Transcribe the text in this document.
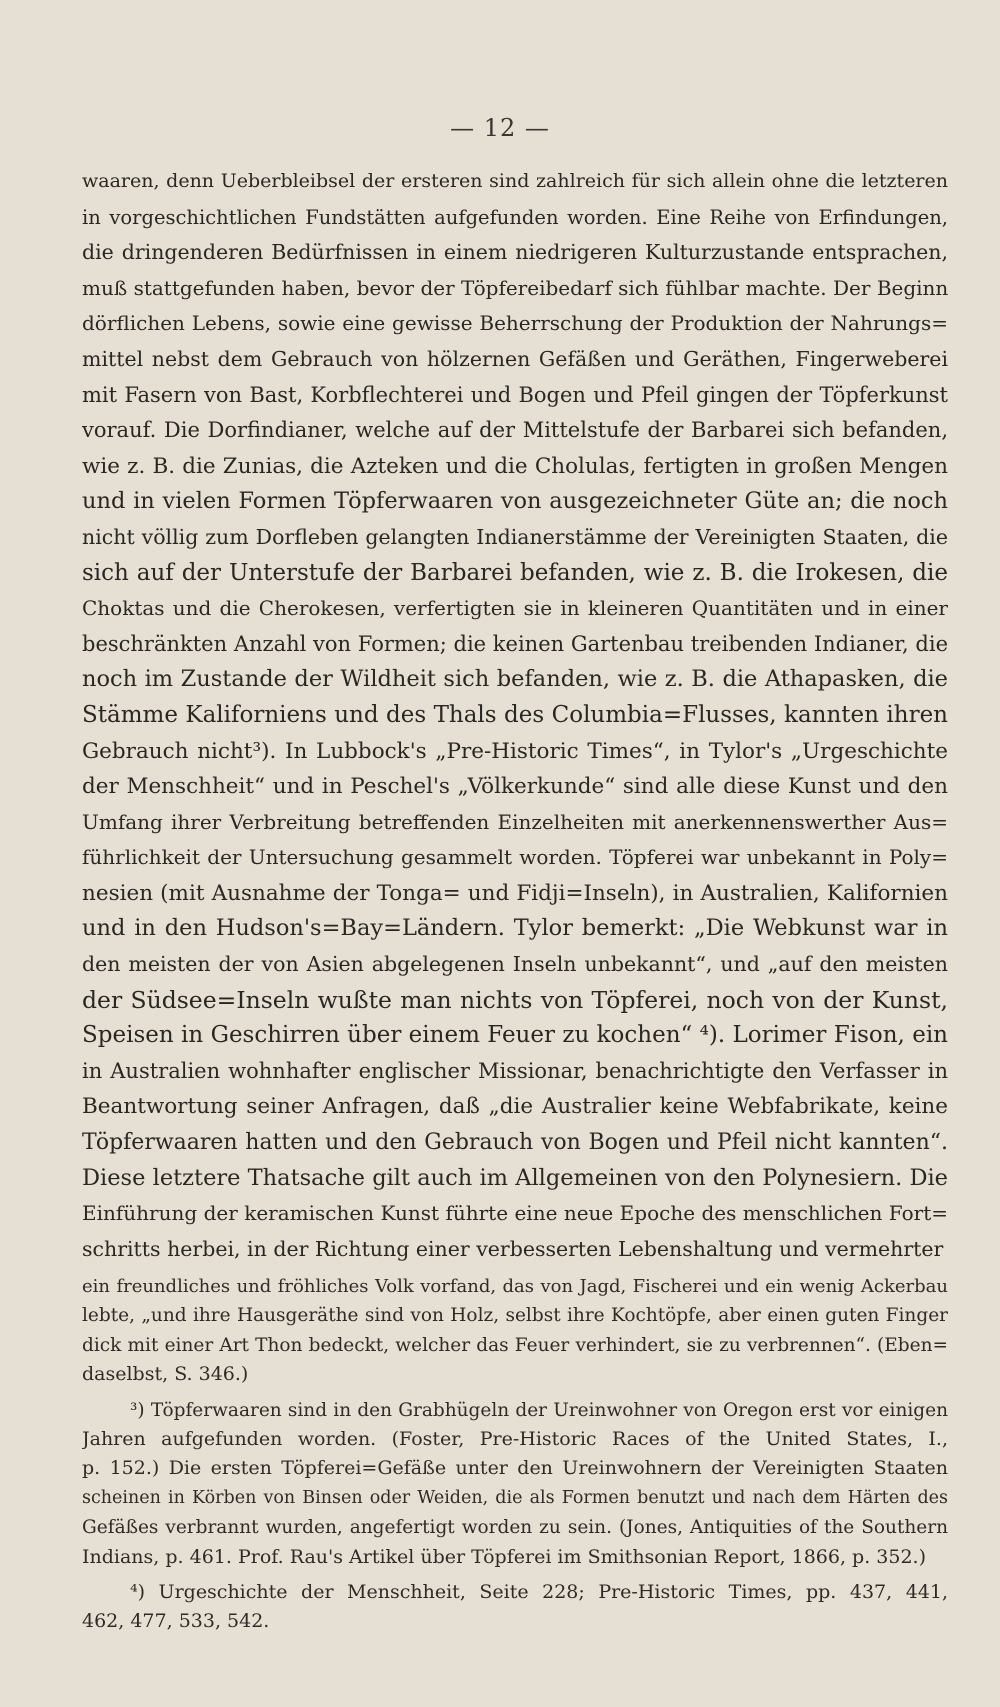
— 12 —
waaren, denn Ueberbleibsel der ersteren sind zahlreich für sich allein ohne die letzteren
in vorgeschichtlichen Fundstätten aufgefunden worden. Eine Reihe von Erfindungen,
die dringenderen Bedürfnissen in einem niedrigeren Kulturzustande entsprachen,
muß stattgefunden haben, bevor der Töpfereibedarf sich fühlbar machte. Der Beginn
dörflichen Lebens, sowie eine gewisse Beherrschung der Produktion der Nahrungs=
mittel nebst dem Gebrauch von hölzernen Gefäßen und Geräthen, Fingerweberei
mit Fasern von Bast, Korbflechterei und Bogen und Pfeil gingen der Töpferkunst
vorauf. Die Dorfindianer, welche auf der Mittelstufe der Barbarei sich befanden,
wie z. B. die Zunias, die Azteken und die Cholulas, fertigten in großen Mengen
und in vielen Formen Töpferwaaren von ausgezeichneter Güte an; die noch
nicht völlig zum Dorfleben gelangten Indianerstämme der Vereinigten Staaten, die
sich auf der Unterstufe der Barbarei befanden, wie z. B. die Irokesen, die
Choktas und die Cherokesen, verfertigten sie in kleineren Quantitäten und in einer
beschränkten Anzahl von Formen; die keinen Gartenbau treibenden Indianer, die
noch im Zustande der Wildheit sich befanden, wie z. B. die Athapasken, die
Stämme Kaliforniens und des Thals des Columbia=Flusses, kannten ihren
Gebrauch nicht³). In Lubbock's „Pre-Historic Times“, in Tylor's „Urgeschichte
der Menschheit“ und in Peschel's „Völkerkunde“ sind alle diese Kunst und den
Umfang ihrer Verbreitung betreffenden Einzelheiten mit anerkennenswerther Aus=
führlichkeit der Untersuchung gesammelt worden. Töpferei war unbekannt in Poly=
nesien (mit Ausnahme der Tonga= und Fidji=Inseln), in Australien, Kalifornien
und in den Hudson's=Bay=Ländern. Tylor bemerkt: „Die Webkunst war in
den meisten der von Asien abgelegenen Inseln unbekannt“, und „auf den meisten
der Südsee=Inseln wußte man nichts von Töpferei, noch von der Kunst,
Speisen in Geschirren über einem Feuer zu kochen“ ⁴). Lorimer Fison, ein
in Australien wohnhafter englischer Missionar, benachrichtigte den Verfasser in
Beantwortung seiner Anfragen, daß „die Australier keine Webfabrikate, keine
Töpferwaaren hatten und den Gebrauch von Bogen und Pfeil nicht kannten“.
Diese letztere Thatsache gilt auch im Allgemeinen von den Polynesiern. Die
Einführung der keramischen Kunst führte eine neue Epoche des menschlichen Fort=
schritts herbei, in der Richtung einer verbesserten Lebenshaltung und vermehrter
ein freundliches und fröhliches Volk vorfand, das von Jagd, Fischerei und ein wenig Ackerbau
lebte, „und ihre Hausgeräthe sind von Holz, selbst ihre Kochtöpfe, aber einen guten Finger
dick mit einer Art Thon bedeckt, welcher das Feuer verhindert, sie zu verbrennen“. (Eben=
daselbst, S. 346.)
³) Töpferwaaren sind in den Grabhügeln der Ureinwohner von Oregon erst vor einigen
Jahren aufgefunden worden. (Foster, Pre-Historic Races of the United States, I.,
p. 152.) Die ersten Töpferei=Gefäße unter den Ureinwohnern der Vereinigten Staaten
scheinen in Körben von Binsen oder Weiden, die als Formen benutzt und nach dem Härten des
Gefäßes verbrannt wurden, angefertigt worden zu sein. (Jones, Antiquities of the Southern
Indians, p. 461. Prof. Rau's Artikel über Töpferei im Smithsonian Report, 1866, p. 352.)
⁴) Urgeschichte der Menschheit, Seite 228; Pre-Historic Times, pp. 437, 441,
462, 477, 533, 542.
